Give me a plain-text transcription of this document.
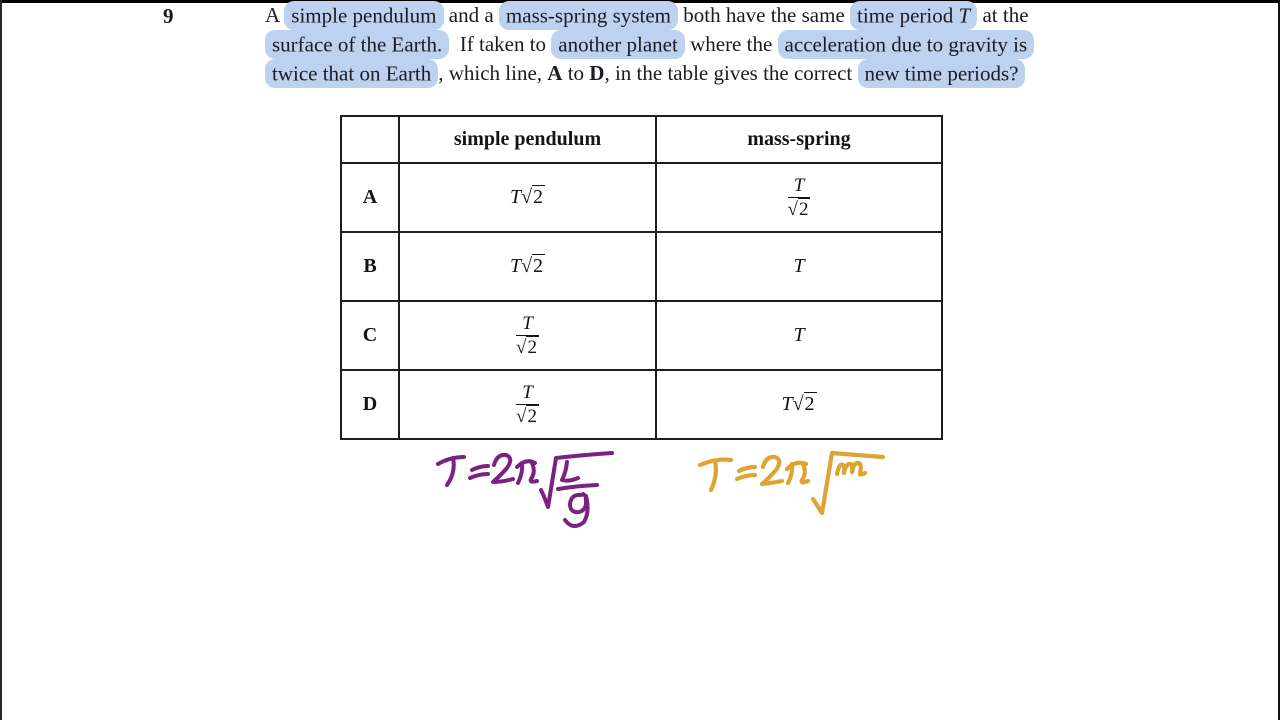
9	A simple pendulum and a mass-spring system both have the same time period T at the
surface of the Earth.  If taken to another planet where the acceleration due to gravity is
twice that on Earth , which line, A to D, in the table gives the correct new time periods?
	simple pendulum	mass-spring
A	T√2	$\frac{T}{√2}$

B	T√2	T
C	$\frac{T}{√2}$	T
D	$\frac{T}{√2}$	T√2
